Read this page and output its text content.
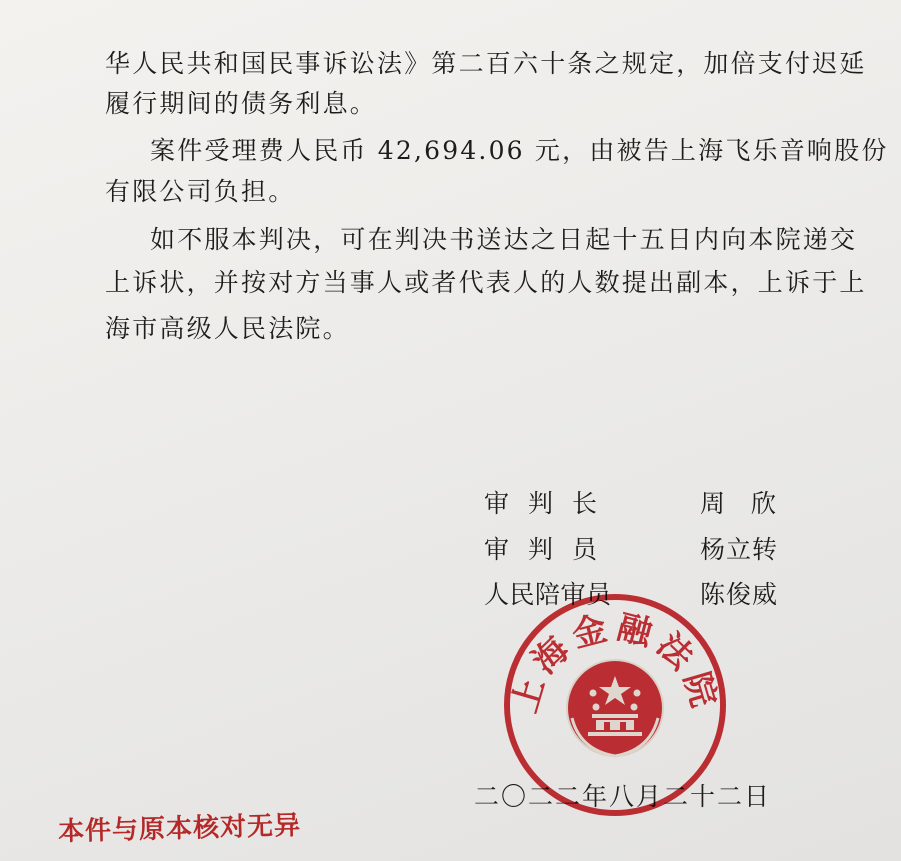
华人民共和国民事诉讼法》第二百六十条之规定，加倍支付迟延
履行期间的债务利息。
案件受理费人民币 42,694.06 元，由被告上海飞乐音响股份
有限公司负担。
如不服本判决，可在判决书送达之日起十五日内向本院递交
上诉状，并按对方当事人或者代表人的人数提出副本，上诉于上
海市高级人民法院。
审判长	周欣
审判员	杨立转
人民陪审员	陈俊威
二〇二二年八月二十二日
上海金融法院
本件与原本核对无异
